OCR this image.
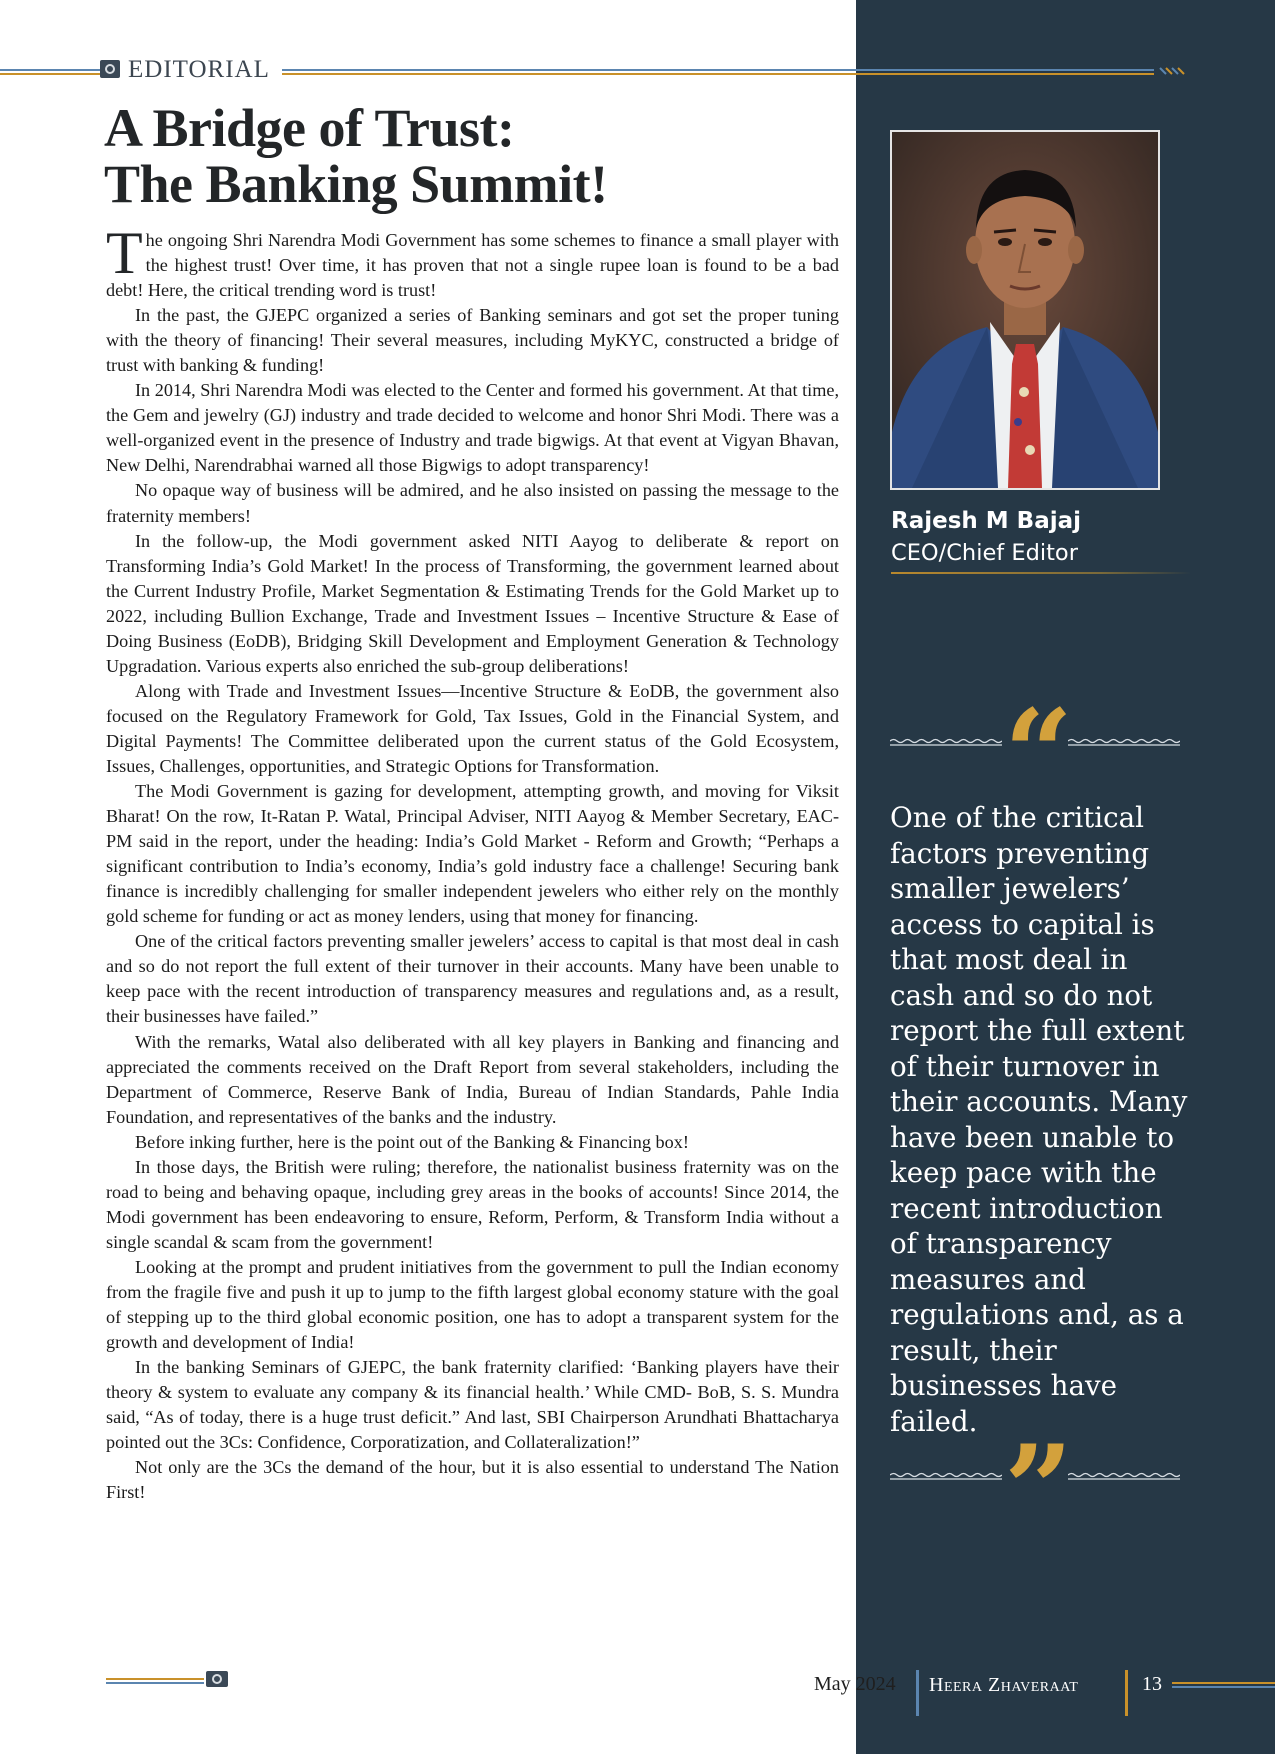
EDITORIAL
A Bridge of Trust:
The Banking Summit!

The ongoing Shri Narendra Modi Government has some schemes to finance a small player with the highest trust! Over time, it has proven that not a single rupee loan is found to be a bad debt! Here, the critical trending word is trust!

In the past, the GJEPC organized a series of Banking seminars and got set the proper tuning with the theory of financing! Their several measures, including MyKYC, constructed a bridge of trust with banking & funding!

In 2014, Shri Narendra Modi was elected to the Center and formed his government. At that time, the Gem and jewelry (GJ) industry and trade decided to welcome and honor Shri Modi. There was a well-organized event in the presence of Industry and trade bigwigs. At that event at Vigyan Bhavan, New Delhi, Narendrabhai warned all those Bigwigs to adopt transparency!

No opaque way of business will be admired, and he also insisted on passing the message to the fraternity members!

In the follow-up, the Modi government asked NITI Aayog to deliberate & report on Transforming India’s Gold Market! In the process of Transforming, the government learned about the Current Industry Profile, Market Segmentation & Estimating Trends for the Gold Market up to 2022, including Bullion Exchange, Trade and Investment Issues – Incentive Structure & Ease of Doing Business (EoDB), Bridging Skill Development and Employment Generation & Technology Upgradation. Various experts also enriched the sub-group deliberations!

Along with Trade and Investment Issues—Incentive Structure & EoDB, the government also focused on the Regulatory Framework for Gold, Tax Issues, Gold in the Financial System, and Digital Payments! The Committee deliberated upon the current status of the Gold Ecosystem, Issues, Challenges, opportunities, and Strategic Options for Transformation.

The Modi Government is gazing for development, attempting growth, and moving for Viksit Bharat! On the row, It-Ratan P. Watal, Principal Adviser, NITI Aayog & Member Secretary, EAC-PM said in the report, under the heading: India’s Gold Market - Reform and Growth; “Perhaps a significant contribution to India’s economy, India’s gold industry face a challenge! Securing bank finance is incredibly challenging for smaller independent jewelers who either rely on the monthly gold scheme for funding or act as money lenders, using that money for financing.

One of the critical factors preventing smaller jewelers’ access to capital is that most deal in cash and so do not report the full extent of their turnover in their accounts. Many have been unable to keep pace with the recent introduction of transparency measures and regulations and, as a result, their businesses have failed.”

With the remarks, Watal also deliberated with all key players in Banking and financing and appreciated the comments received on the Draft Report from several stakeholders, including the Department of Commerce, Reserve Bank of India, Bureau of Indian Standards, Pahle India Foundation, and representatives of the banks and the industry.

Before inking further, here is the point out of the Banking & Financing box!

In those days, the British were ruling; therefore, the nationalist business fraternity was on the road to being and behaving opaque, including grey areas in the books of accounts! Since 2014, the Modi government has been endeavoring to ensure, Reform, Perform, & Transform India without a single scandal & scam from the government!

Looking at the prompt and prudent initiatives from the government to pull the Indian economy from the fragile five and push it up to jump to the fifth largest global economy stature with the goal of stepping up to the third global economic position, one has to adopt a transparent system for the growth and development of India!

In the banking Seminars of GJEPC, the bank fraternity clarified: ‘Banking players have their theory & system to evaluate any company & its financial health.’ While CMD- BoB, S. S. Mundra said, “As of today, there is a huge trust deficit.” And last, SBI Chairperson Arundhati Bhattacharya pointed out the 3Cs: Confidence, Corporatization, and Collateralization!”

Not only are the 3Cs the demand of the hour, but it is also essential to understand The Nation First!

Rajesh M Bajaj
CEO/Chief Editor
“
One of the critical factors preventing smaller jewelers’ access to capital is that most deal in cash and so do not report the full extent of their turnover in their accounts. Many have been unable to keep pace with the recent introduction of transparency measures and regulations and, as a result, their businesses have failed. ”
May 2024 Heera Zhaveraat	13
